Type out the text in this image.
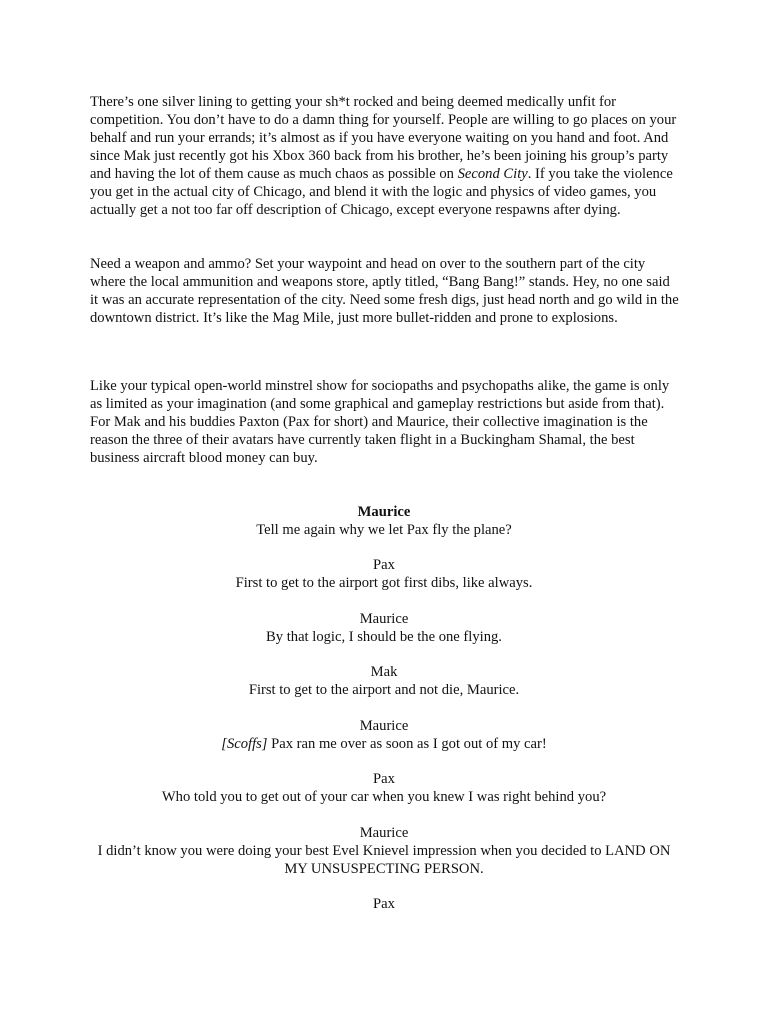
There’s one silver lining to getting your sh*t rocked and being deemed medically unfit for competition. You don’t have to do a damn thing for yourself. People are willing to go places on your behalf and run your errands; it’s almost as if you have everyone waiting on you hand and foot. And since Mak just recently got his Xbox 360 back from his brother, he’s been joining his group’s party and having the lot of them cause as much chaos as possible on Second City. If you take the violence you get in the actual city of Chicago, and blend it with the logic and physics of video games, you actually get a not too far off description of Chicago, except everyone respawns after dying.

Need a weapon and ammo? Set your waypoint and head on over to the southern part of the city where the local ammunition and weapons store, aptly titled, “Bang Bang!” stands. Hey, no one said it was an accurate representation of the city. Need some fresh digs, just head north and go wild in the downtown district. It’s like the Mag Mile, just more bullet-ridden and prone to explosions.

Like your typical open-world minstrel show for sociopaths and psychopaths alike, the game is only as limited as your imagination (and some graphical and gameplay restrictions but aside from that). For Mak and his buddies Paxton (Pax for short) and Maurice, their collective imagination is the reason the three of their avatars have currently taken flight in a Buckingham Shamal, the best business aircraft blood money can buy.

Maurice

Tell me again why we let Pax fly the plane?

Pax

First to get to the airport got first dibs, like always.

Maurice

By that logic, I should be the one flying.

Mak

First to get to the airport and not die, Maurice.

Maurice

[Scoffs] Pax ran me over as soon as I got out of my car!

Pax

Who told you to get out of your car when you knew I was right behind you?

Maurice

I didn’t know you were doing your best Evel Knievel impression when you decided to LAND ON MY UNSUSPECTING PERSON.

Pax
